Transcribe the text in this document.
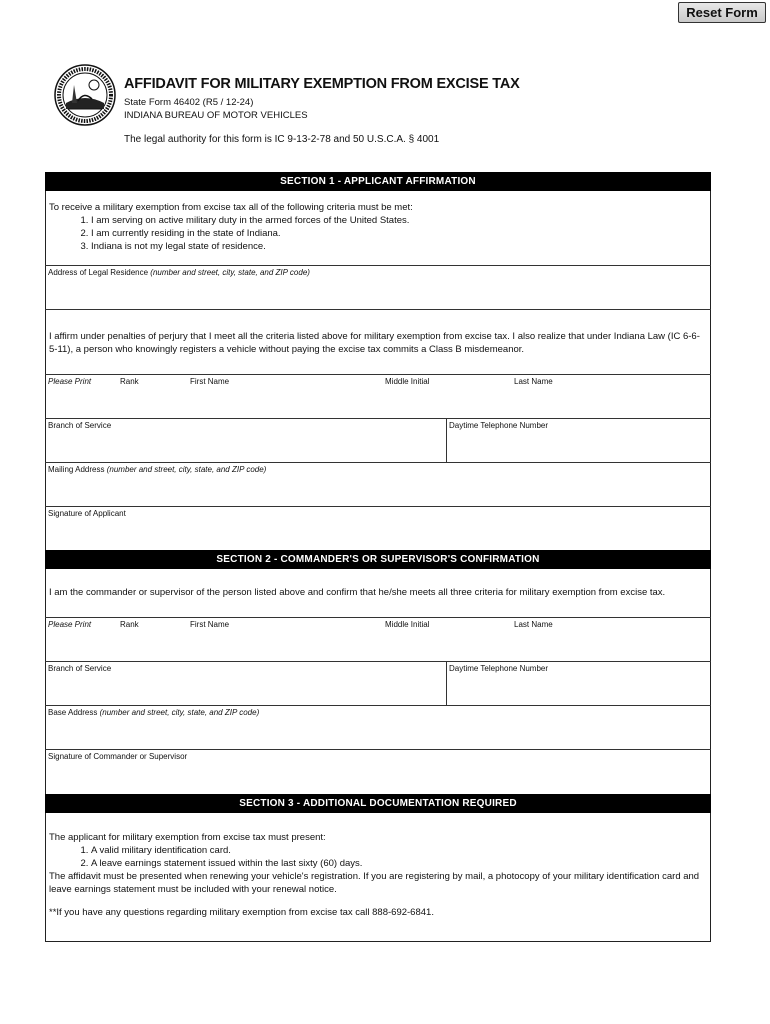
Reset Form
AFFIDAVIT FOR MILITARY EXEMPTION FROM EXCISE TAX
State Form 46402 (R5 / 12-24)
INDIANA BUREAU OF MOTOR VEHICLES
The legal authority for this form is IC 9-13-2-78 and 50 U.S.C.A. § 4001
SECTION 1 - APPLICANT AFFIRMATION

To receive a military exemption from excise tax all of the following criteria must be met:

1. I am serving on active military duty in the armed forces of the United States.
2. I am currently residing in the state of Indiana.
3. Indiana is not my legal state of residence.
Address of Legal Residence (number and street, city, state, and ZIP code)
I affirm under penalties of perjury that I meet all the criteria listed above for military exemption from excise tax. I also realize that under Indiana Law (IC 6-6-5-11), a person who knowingly registers a vehicle without paying the excise tax commits a Class B misdemeanor.
Please Print	Rank	First Name	Middle Initial	Last Name
Branch of Service	Daytime Telephone Number
Mailing Address (number and street, city, state, and ZIP code)
Signature of Applicant
SECTION 2 - COMMANDER'S OR SUPERVISOR'S CONFIRMATION
I am the commander or supervisor of the person listed above and confirm that he/she meets all three criteria for military exemption from excise tax.
Please Print	Rank	First Name	Middle Initial	Last Name
Branch of Service	Daytime Telephone Number
Base Address (number and street, city, state, and ZIP code)
Signature of Commander or Supervisor
SECTION 3 - ADDITIONAL DOCUMENTATION REQUIRED

The applicant for military exemption from excise tax must present:

1. A valid military identification card.
2. A leave earnings statement issued within the last sixty (60) days.

The affidavit must be presented when renewing your vehicle's registration. If you are registering by mail, a photocopy of your military identification card and leave earnings statement must be included with your renewal notice.

**If you have any questions regarding military exemption from excise tax call 888-692-6841.
